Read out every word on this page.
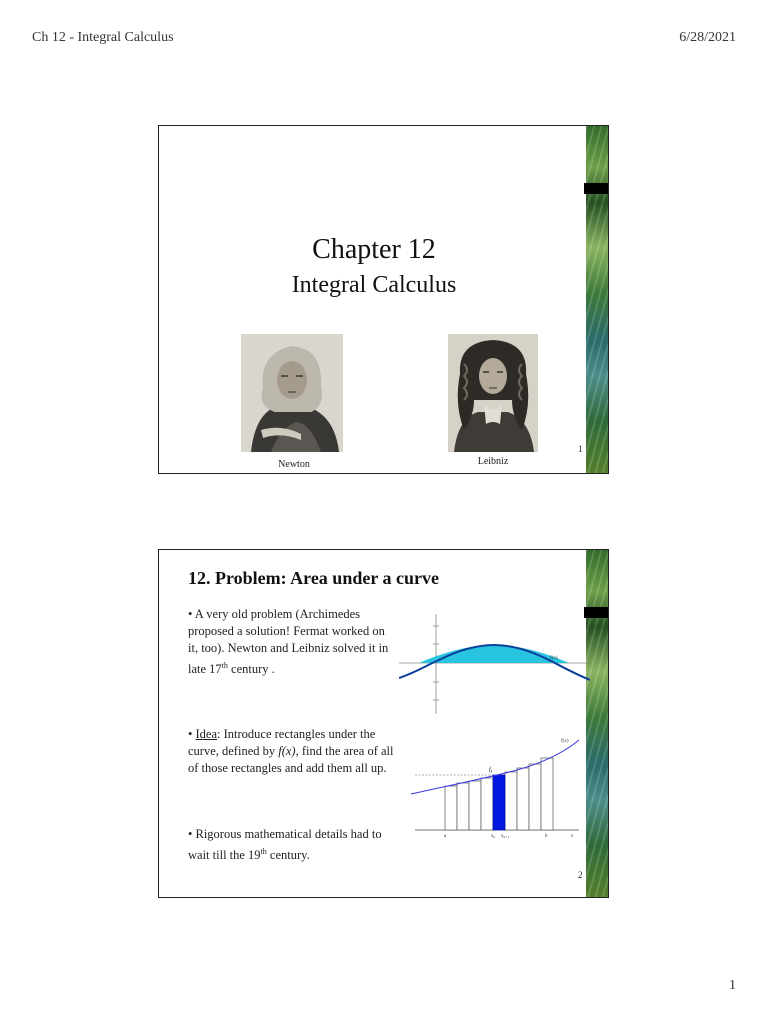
Ch 12 - Integral Calculus	6/28/2021
Chapter 12
Integral Calculus
Newton	Leibniz
1
12. Problem: Area under a curve
• A very old problem (Archimedes proposed a solution! Fermat worked on it, too). Newton and Leibniz solved it in late 17th century .
• Idea: Introduce rectangles under the curve, defined by f(x), find the area of all of those rectangles and add them all up.
• Rigorous mathematical details had to wait till the 19th century.
f(x)
f(x)
$f_k$
a	$x_k$ $x_{k+1}$	b	x
2
1
